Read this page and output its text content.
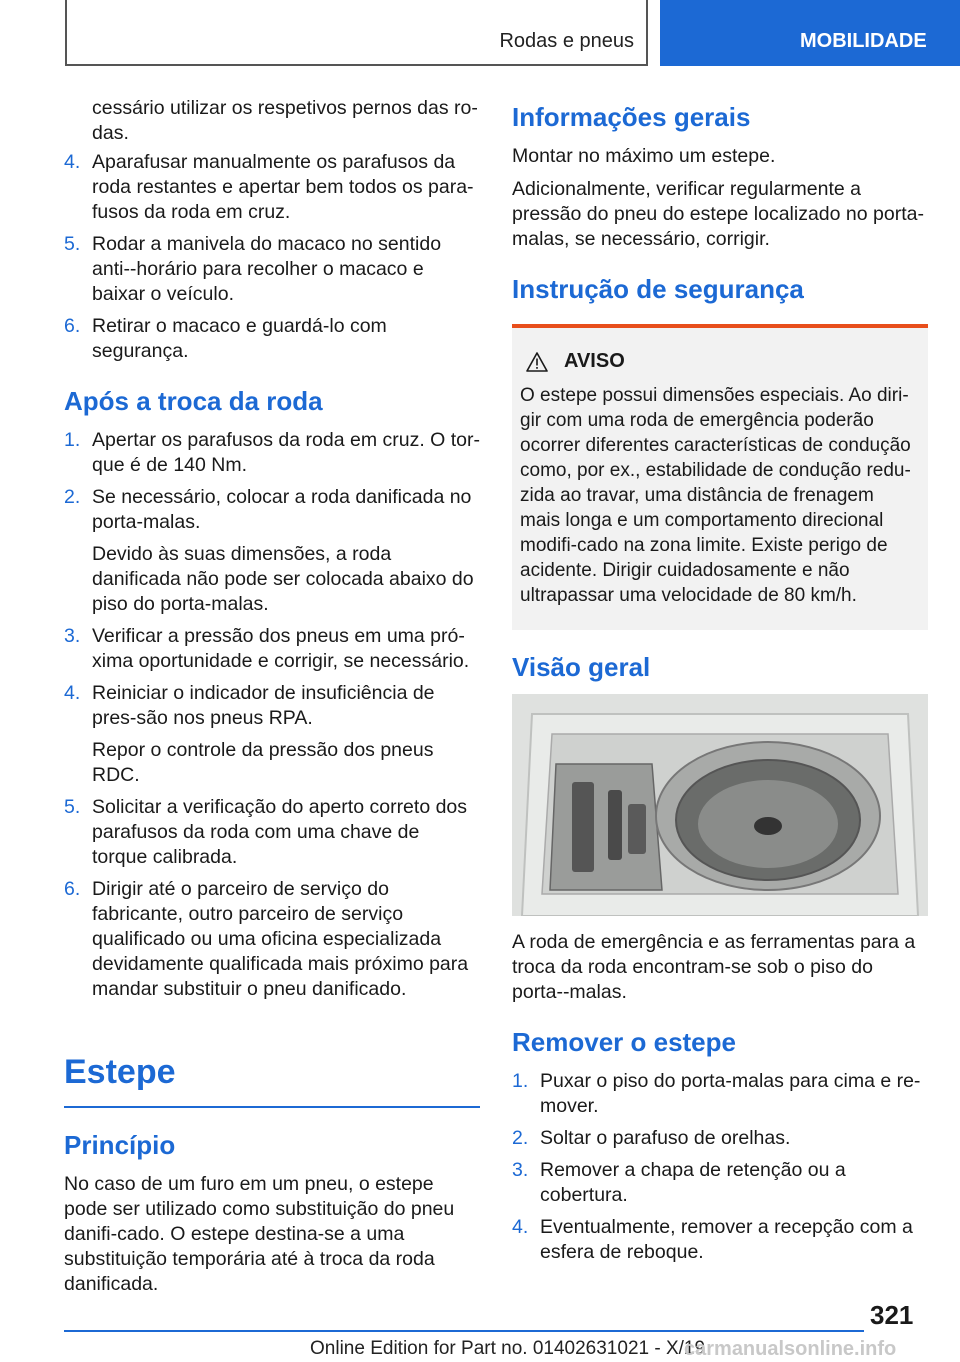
Rodas e pneus	MOBILIDADE

cessário utilizar os respetivos pernos das ro-das.

4. Aparafusar manualmente os parafusos da roda restantes e apertar bem todos os para-fusos da roda em cruz.
5. Rodar a manivela do macaco no sentido anti--horário para recolher o macaco e baixar o veículo.
6. Retirar o macaco e guardá-lo com segurança.
Após a troca da roda
1. Apertar os parafusos da roda em cruz. O tor-que é de 140 Nm.
2. Se necessário, colocar a roda danificada no porta-malas.
Devido às suas dimensões, a roda danificada não pode ser colocada abaixo do piso do porta-malas.
3. Verificar a pressão dos pneus em uma pró-xima oportunidade e corrigir, se necessário.
4. Reiniciar o indicador de insuficiência de pres-são nos pneus RPA.
Repor o controle da pressão dos pneus RDC.
5. Solicitar a verificação do aperto correto dos parafusos da roda com uma chave de torque calibrada.
6. Dirigir até o parceiro de serviço do fabricante, outro parceiro de serviço qualificado ou uma oficina especializada devidamente qualificada mais próximo para mandar substituir o pneu danificado.
Estepe
Princípio

No caso de um furo em um pneu, o estepe pode ser utilizado como substituição do pneu danifi-cado. O estepe destina-se a uma substituição temporária até à troca da roda danificada.

Informações gerais

Montar no máximo um estepe.

Adicionalmente, verificar regularmente a pressão do pneu do estepe localizado no porta-malas, se necessário, corrigir.

Instrução de segurança
AVISO

O estepe possui dimensões especiais. Ao diri-gir com uma roda de emergência poderão ocorrer diferentes características de condução como, por ex., estabilidade de condução redu-zida ao travar, uma distância de frenagem mais longa e um comportamento direcional modifi-cado na zona limite. Existe perigo de acidente. Dirigir cuidadosamente e não ultrapassar uma velocidade de 80 km/h.

Visão geral

A roda de emergência e as ferramentas para a troca da roda encontram-se sob o piso do porta--malas.

Remover o estepe
1. Puxar o piso do porta-malas para cima e re-mover.
2. Soltar o parafuso de orelhas.
3. Remover a chapa de retenção ou a cobertura.
4. Eventualmente, remover a recepção com a esfera de reboque.
321
Online Edition for Part no. 01402631021 - X/19
carmanualsonline.info
